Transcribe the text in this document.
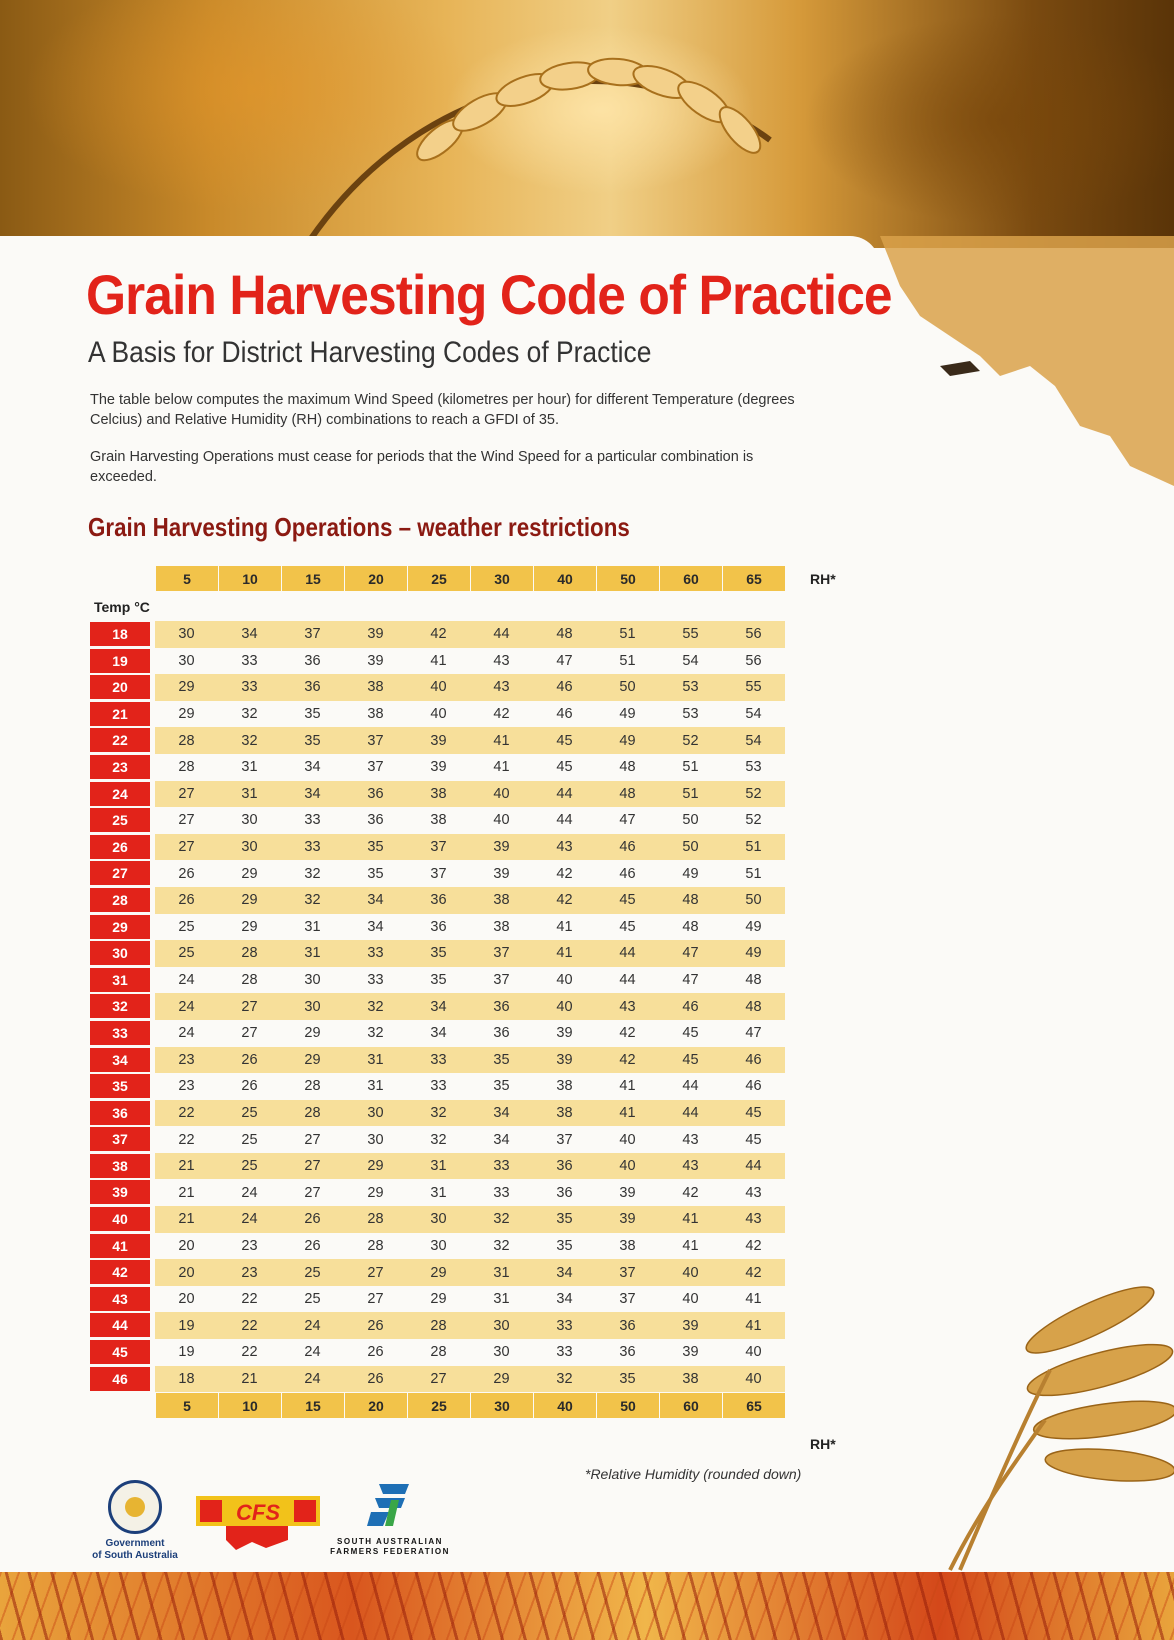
Grain Harvesting Code of Practice
A Basis for District Harvesting Codes of Practice

The table below computes the maximum Wind Speed (kilometres per hour) for different Temperature (degrees Celcius) and Relative Humidity (RH) combinations to reach a GFDI of 35.

Grain Harvesting Operations must cease for periods that the Wind Speed for a particular combination is exceeded.

Grain Harvesting Operations – weather restrictions
5	10	15	20	25	30	40	50	60	65
Temp °C
18	30	34	37	39	42	44	48	51	55	56
19	30	33	36	39	41	43	47	51	54	56
20	29	33	36	38	40	43	46	50	53	55
21	29	32	35	38	40	42	46	49	53	54
22	28	32	35	37	39	41	45	49	52	54
23	28	31	34	37	39	41	45	48	51	53
24	27	31	34	36	38	40	44	48	51	52
25	27	30	33	36	38	40	44	47	50	52
26	27	30	33	35	37	39	43	46	50	51
27	26	29	32	35	37	39	42	46	49	51
28	26	29	32	34	36	38	42	45	48	50
29	25	29	31	34	36	38	41	45	48	49
30	25	28	31	33	35	37	41	44	47	49
31	24	28	30	33	35	37	40	44	47	48
32	24	27	30	32	34	36	40	43	46	48
33	24	27	29	32	34	36	39	42	45	47
34	23	26	29	31	33	35	39	42	45	46
35	23	26	28	31	33	35	38	41	44	46
36	22	25	28	30	32	34	38	41	44	45
37	22	25	27	30	32	34	37	40	43	45
38	21	25	27	29	31	33	36	40	43	44
39	21	24	27	29	31	33	36	39	42	43
40	21	24	26	28	30	32	35	39	41	43
41	20	23	26	28	30	32	35	38	41	42
42	20	23	25	27	29	31	34	37	40	42
43	20	22	25	27	29	31	34	37	40	41
44	19	22	24	26	28	30	33	36	39	41
45	19	22	24	26	28	30	33	36	39	40
46	18	21	24	26	27	29	32	35	38	40
5	10	15	20	25	30	40	50	60	65
RH*
RH*

*Relative Humidity (rounded down)

Government
of South Australia
CFS
SOUTH AUSTRALIAN
FARMERS FEDERATION
